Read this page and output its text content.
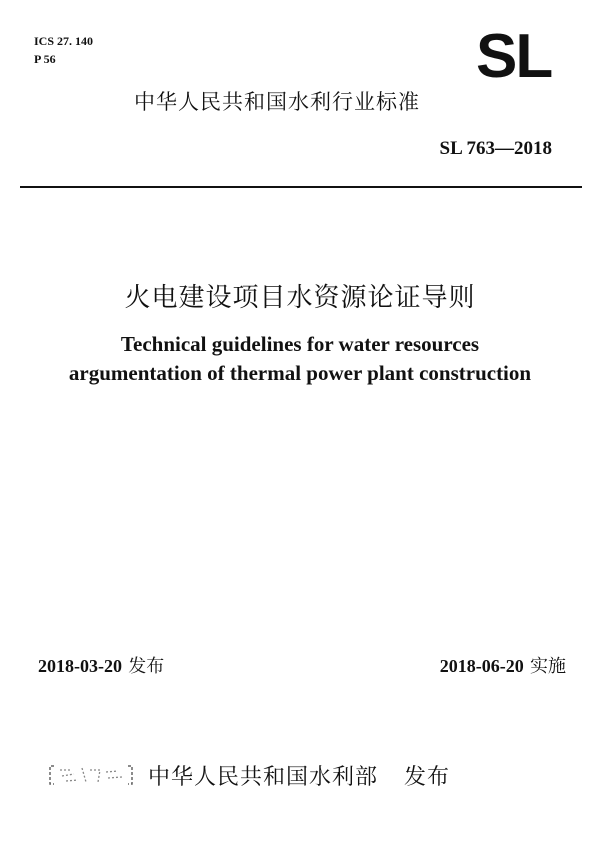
ICS 27. 140
P 56	SL
中华人民共和国水利行业标准
SL 763—2018
火电建设项目水资源论证导则
Technical guidelines for water resources
argumentation of thermal power plant construction
2018-03-20 发布	2018-06-20 实施
中华人民共和国水利部 发布
